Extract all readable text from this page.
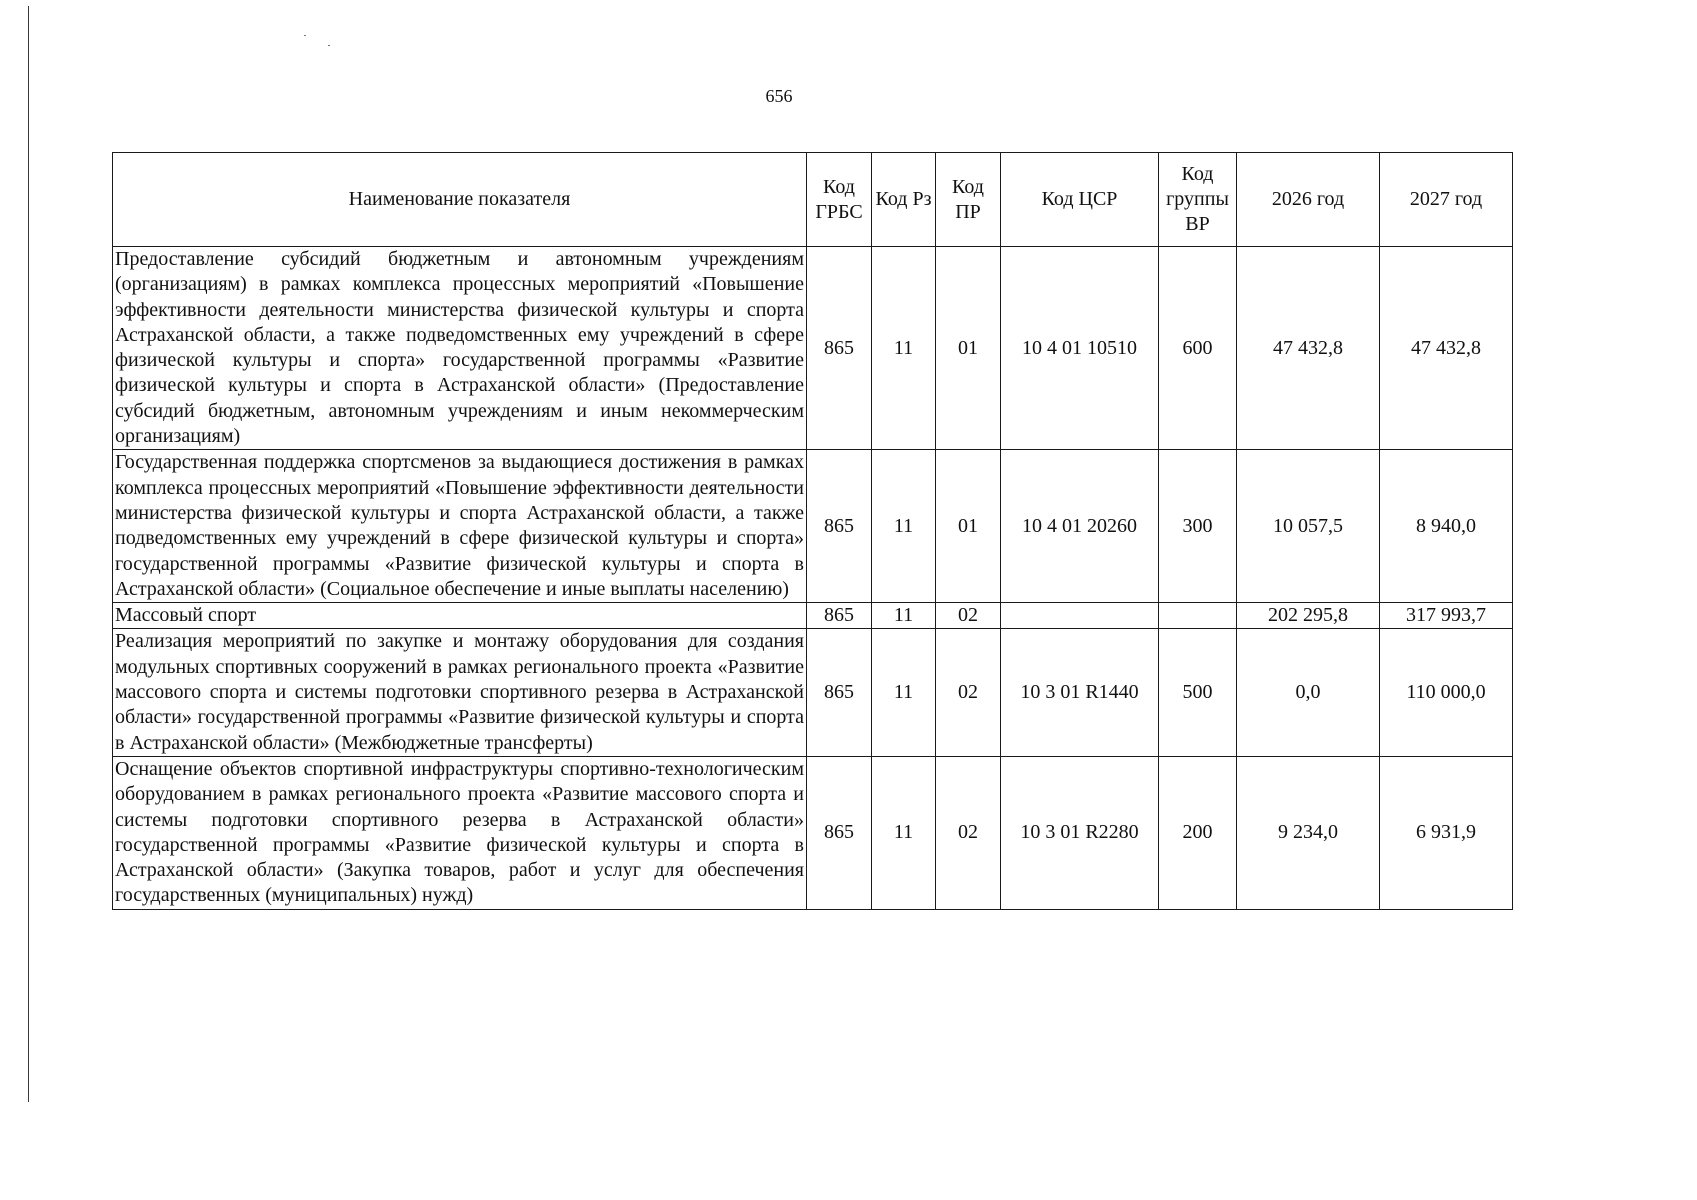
656
Наименование показателя	Код ГРБС	Код Рз	Код ПР	Код ЦСР	Код группы ВР	2026 год	2027 год
Предоставление субсидий бюджетным и автономным учреждениям (организациям) в рамках комплекса процессных мероприятий «Повышение эффективности деятельности министерства физической культуры и спорта Астраханской области, а также подведомственных ему учреждений в сфере физической культуры и спорта» государственной программы «Развитие физической культуры и спорта в Астраханской области» (Предоставление субсидий бюджетным, автономным учреждениям и иным некоммерческим организациям)	865	11	01	10 4 01 10510	600	47 432,8	47 432,8
Государственная поддержка спортсменов за выдающиеся достижения в рамках комплекса процессных мероприятий «Повышение эффективности деятельности министерства физической культуры и спорта Астраханской области, а также подведомственных ему учреждений в сфере физической культуры и спорта» государственной программы «Развитие физической культуры и спорта в Астраханской области» (Социальное обеспечение и иные выплаты населению)	865	11	01	10 4 01 20260	300	10 057,5	8 940,0
Массовый спорт	865	11	02			202 295,8	317 993,7
Реализация мероприятий по закупке и монтажу оборудования для создания модульных спортивных сооружений в рамках регионального проекта «Развитие массового спорта и системы подготовки спортивного резерва в Астраханской области» государственной программы «Развитие физической культуры и спорта в Астраханской области» (Межбюджетные трансферты)	865	11	02	10 3 01 R1440	500	0,0	110 000,0
Оснащение объектов спортивной инфраструктуры спортивно-технологическим оборудованием в рамках регионального проекта «Развитие массового спорта и системы подготовки спортивного резерва в Астраханской области» государственной программы «Развитие физической культуры и спорта в Астраханской области» (Закупка товаров, работ и услуг для обеспечения государственных (муниципальных) нужд)	865	11	02	10 3 01 R2280	200	9 234,0	6 931,9
